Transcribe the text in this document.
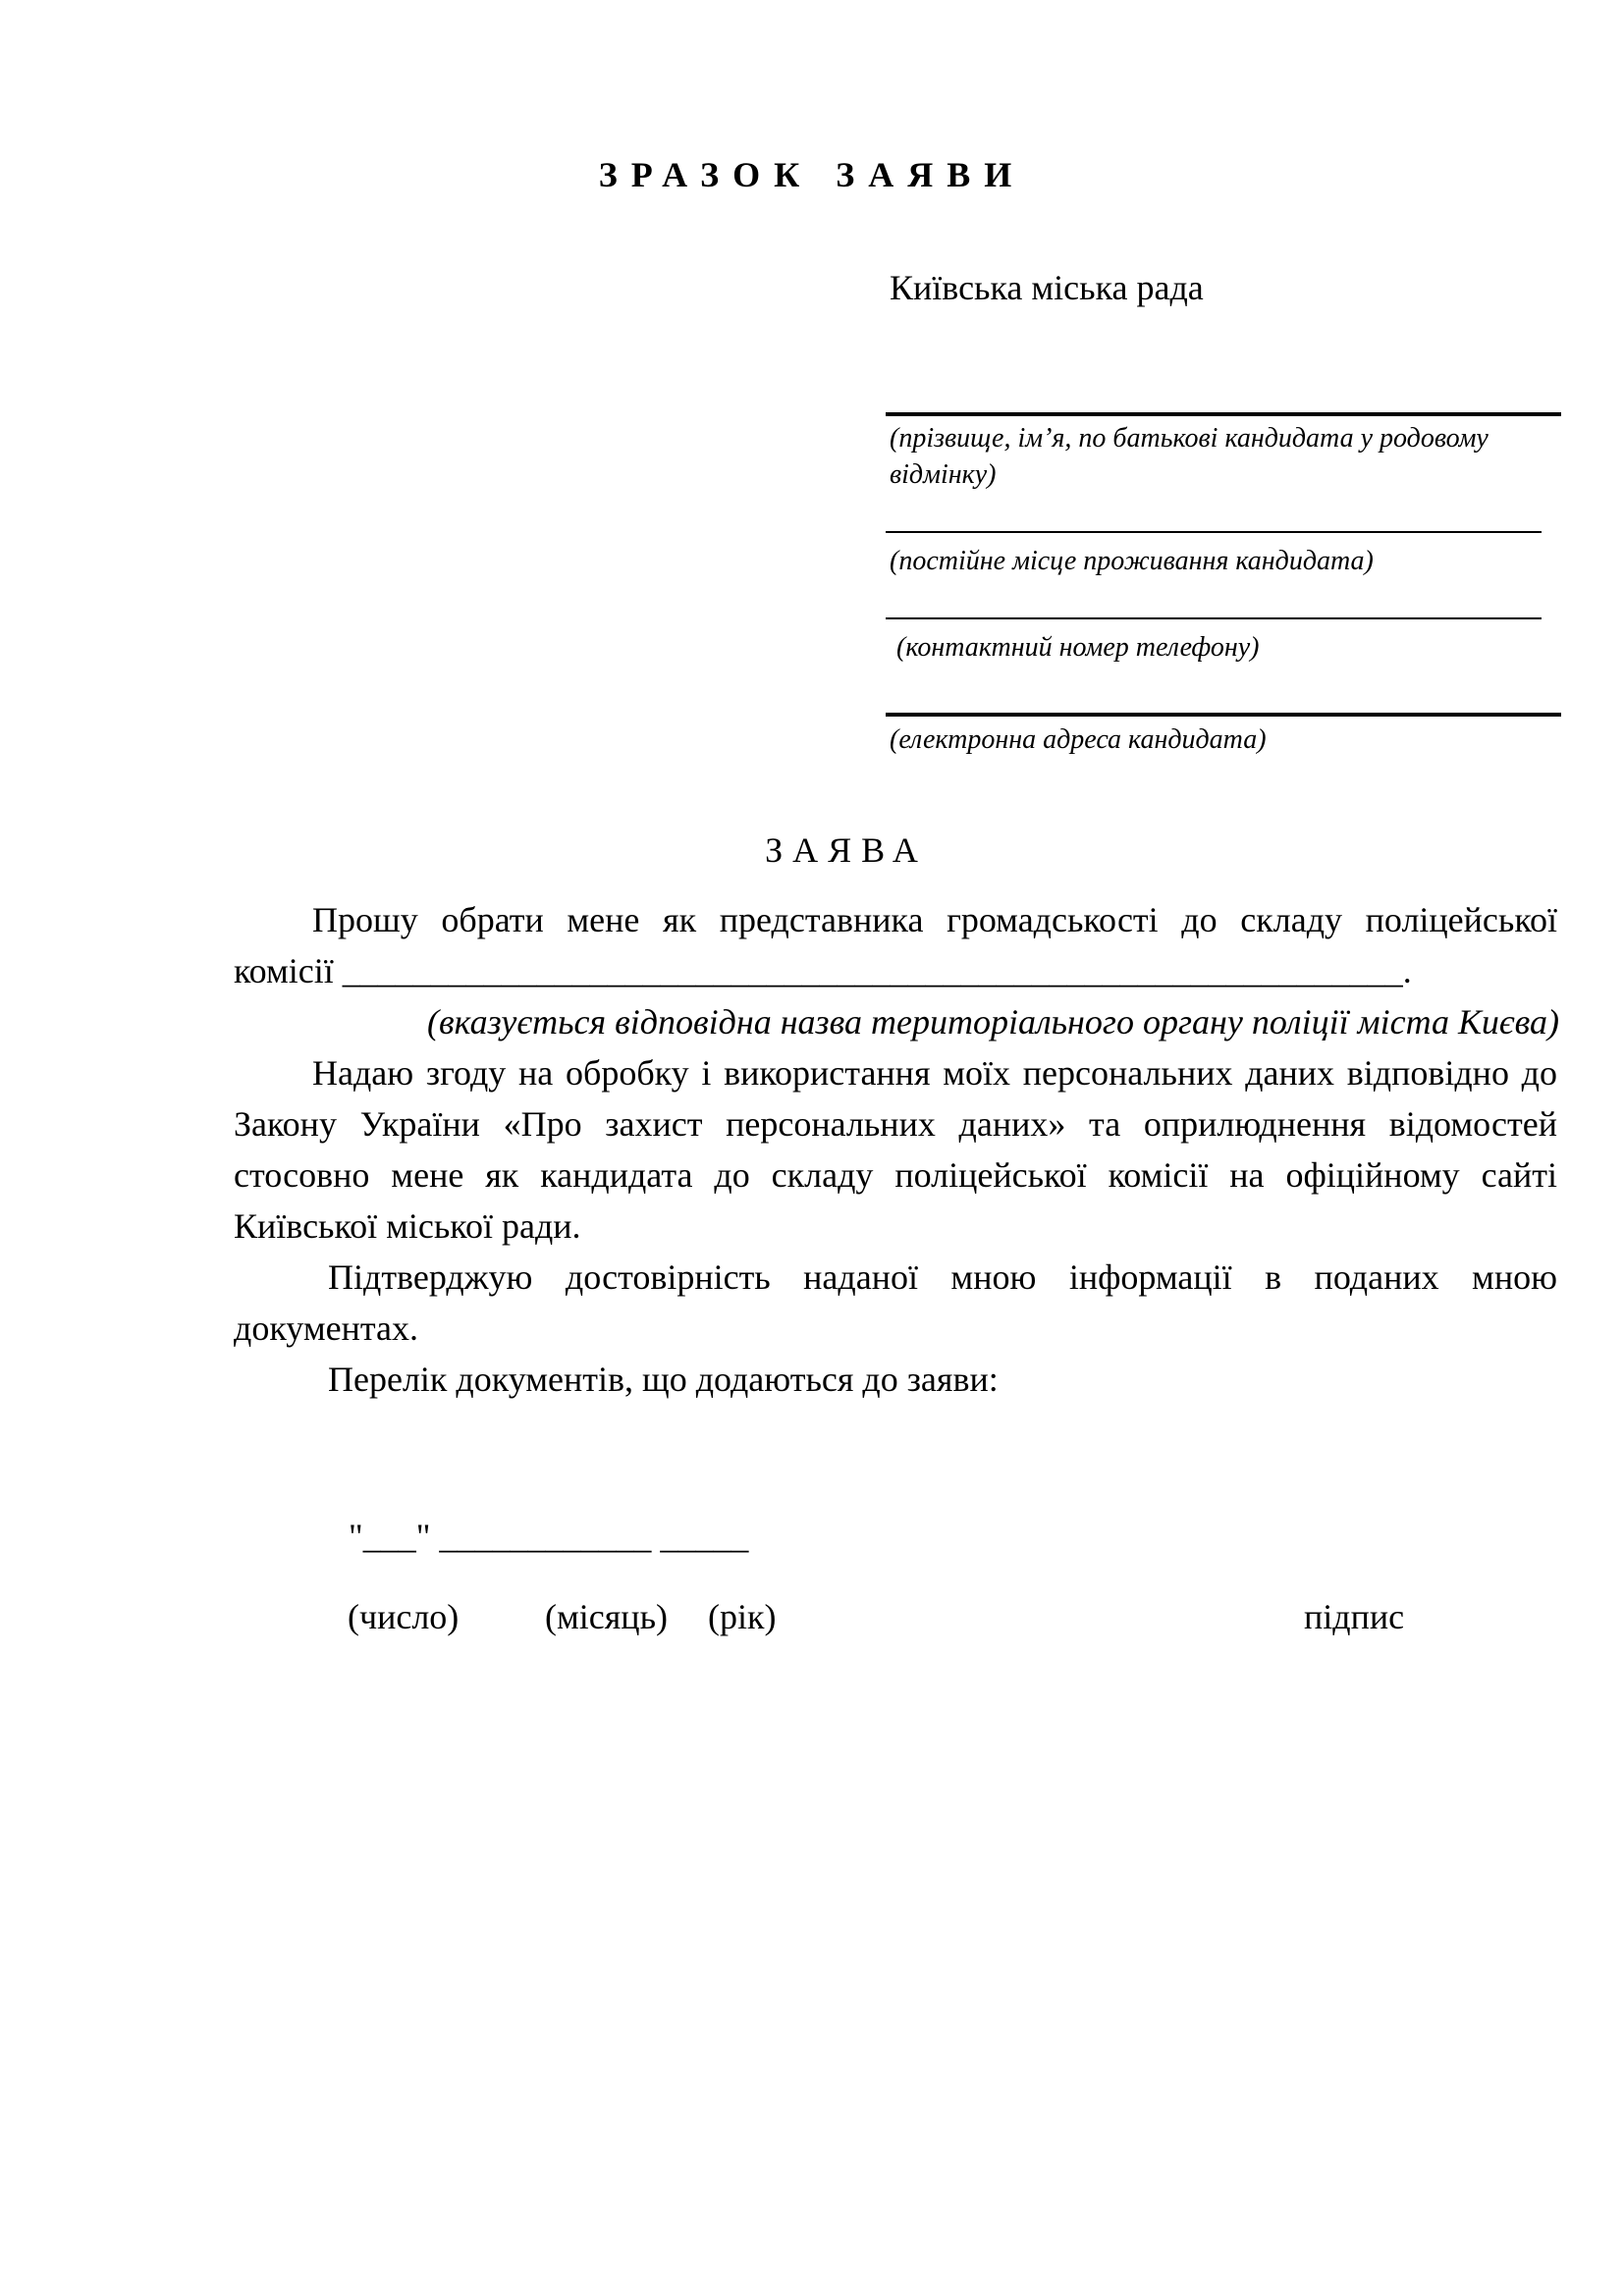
ЗРАЗОК ЗАЯВИ
Київська міська рада
(прізвище, ім’я, по батькові кандидата у родовому відмінку)
(постійне місце проживання кандидата)
(контактний номер телефону)
(електронна адреса кандидата)
ЗАЯВА
Прошу обрати мене як представника громадськості до складу поліцейської
комісії ____________________________________________________________.
(вказується відповідна назва територіального органу поліції міста Києва)
Надаю згоду на обробку і використання моїх персональних даних відповідно до Закону України «Про захист персональних даних» та оприлюднення відомостей стосовно мене як кандидата до складу поліцейської комісії на офіційному сайті Київської міської ради.
Підтверджую достовірність наданої мною інформації в поданих мною документах.
Перелік документів, що додаються до заяви:
"___" ____________ _____
(число) (місяць) (рік)	підпис
